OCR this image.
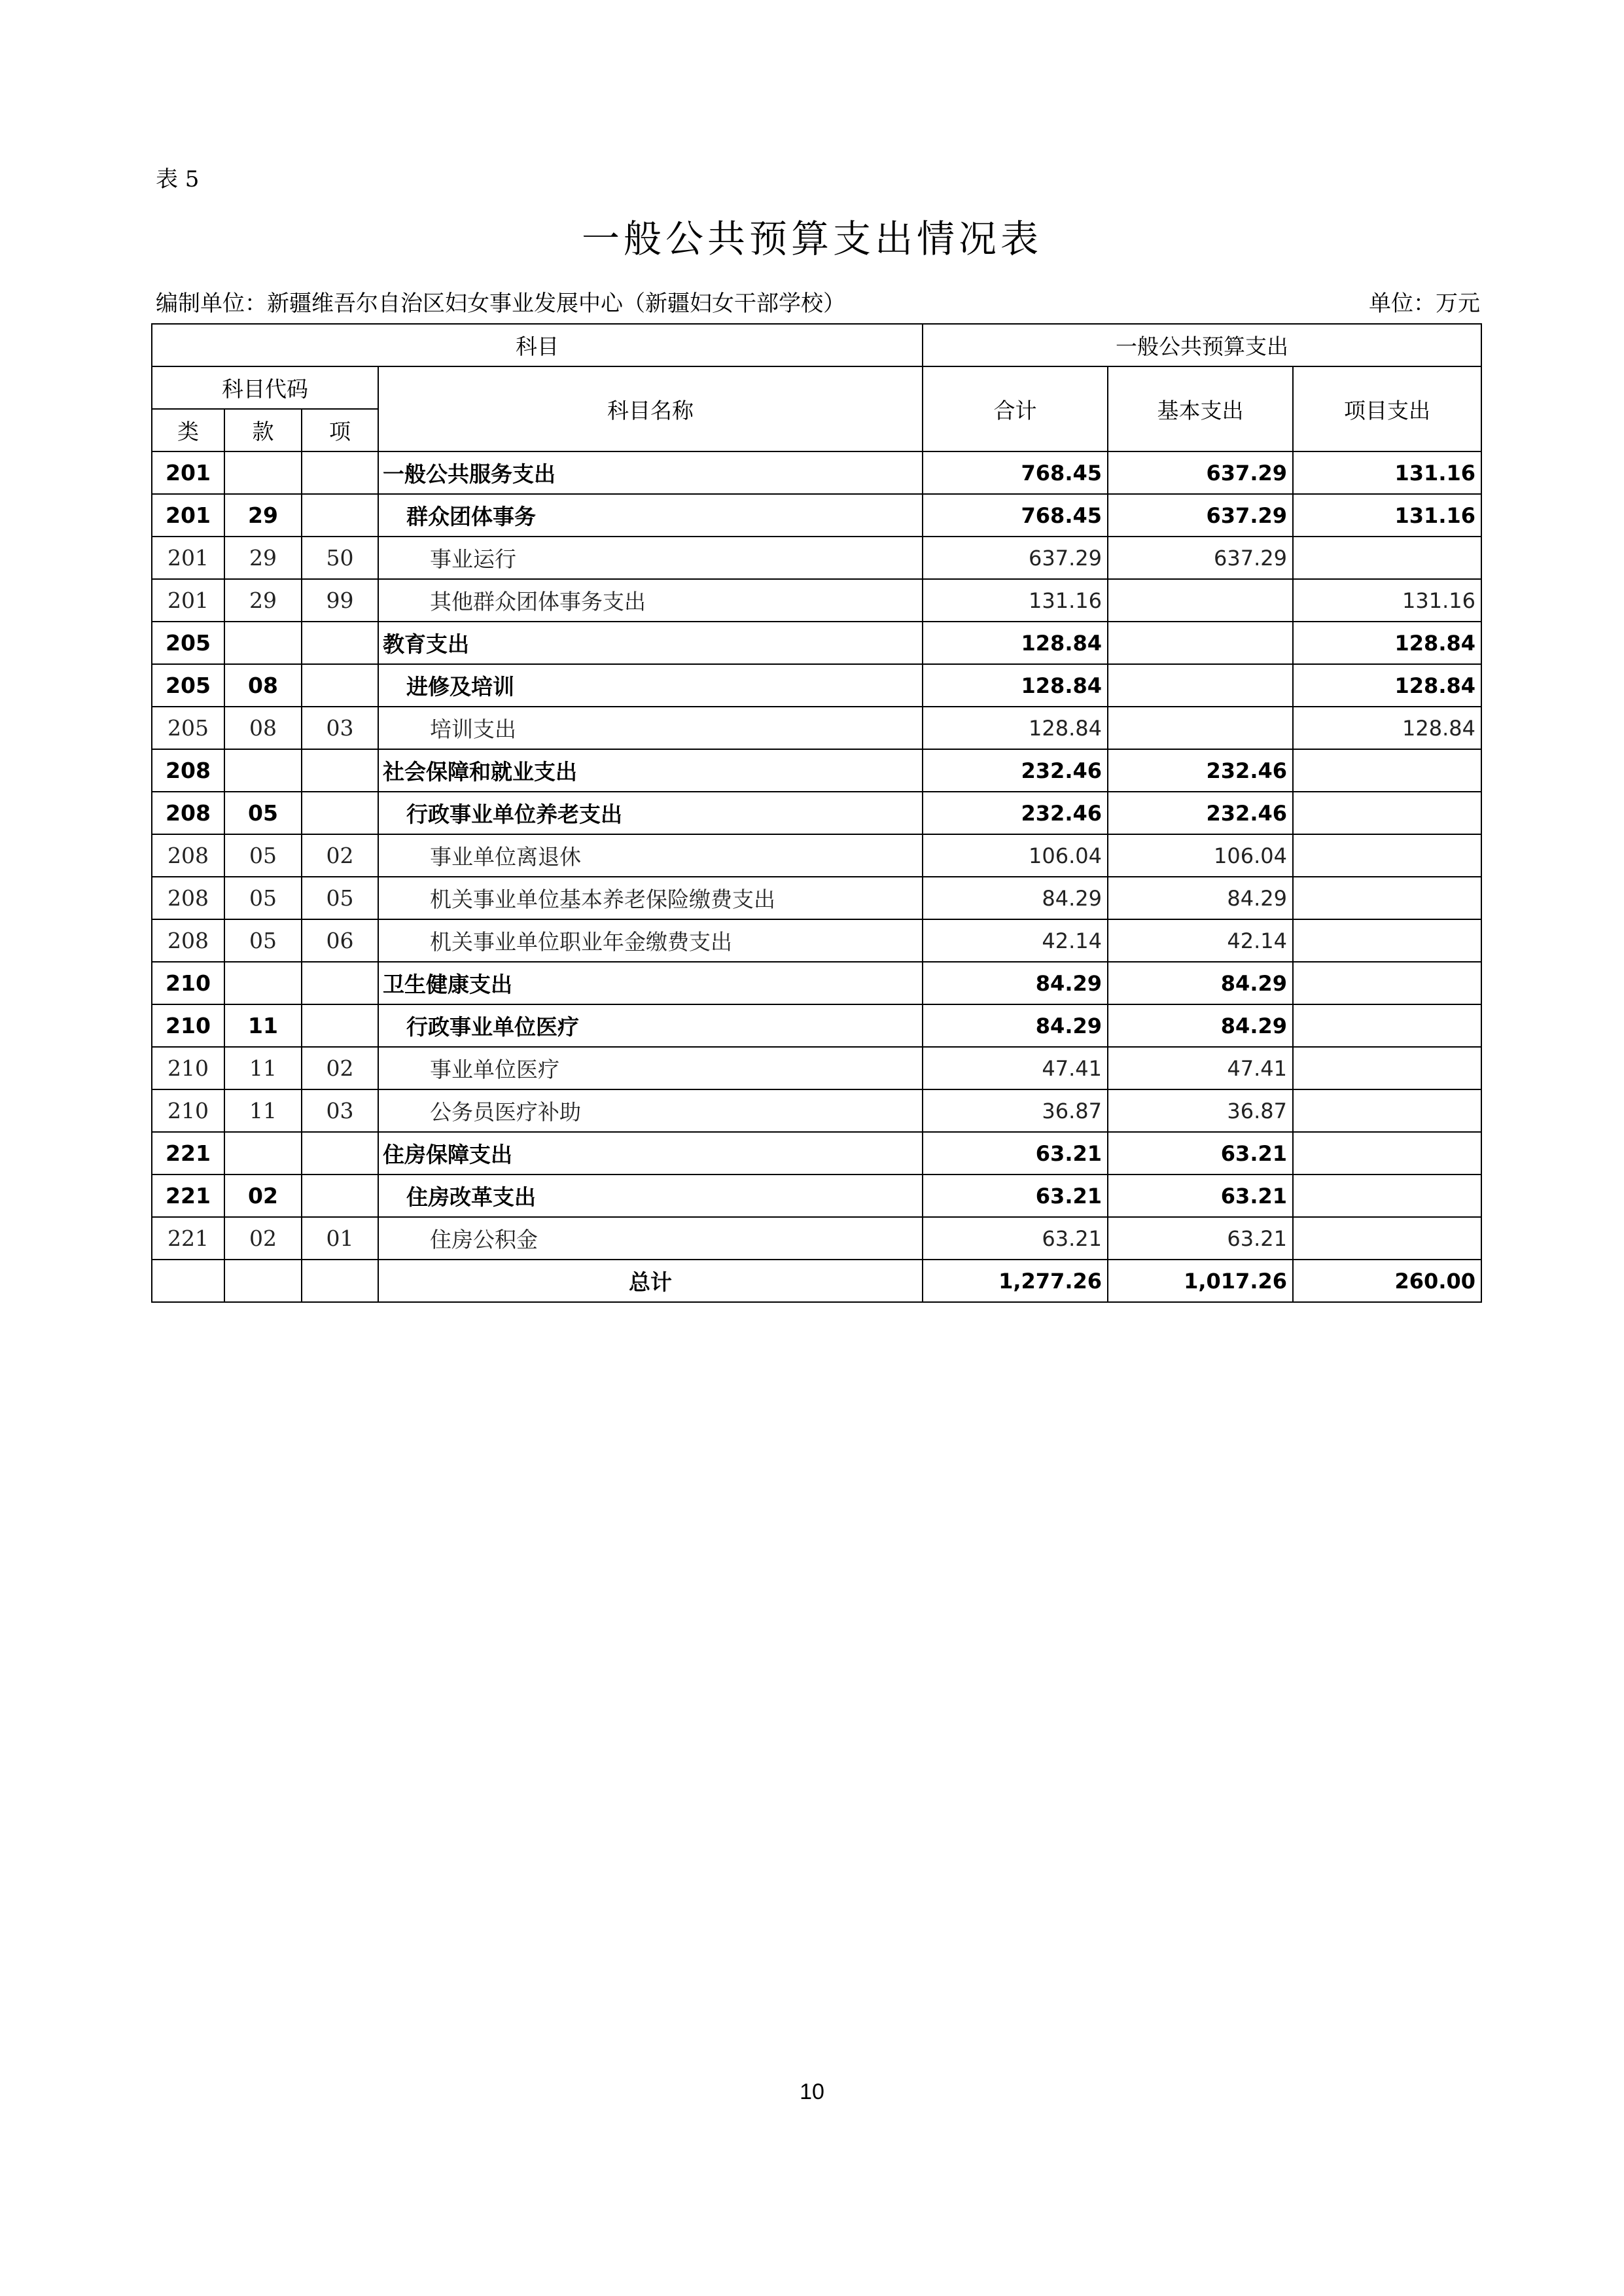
表 5
一般公共预算支出情况表
编制单位：新疆维吾尔自治区妇女事业发展中心（新疆妇女干部学校）	单位：万元
科目				一般公共预算支出		
科目代码			科目名称	合计	基本支出	项目支出
类	款	项				
201			一般公共服务支出	768.45	637.29	131.16
201	29		群众团体事务	768.45	637.29	131.16
201	29	50	事业运行	637.29	637.29	
201	29	99	其他群众团体事务支出	131.16		131.16
205			教育支出	128.84		128.84
205	08		进修及培训	128.84		128.84
205	08	03	培训支出	128.84		128.84
208			社会保障和就业支出	232.46	232.46	
208	05		行政事业单位养老支出	232.46	232.46	
208	05	02	事业单位离退休	106.04	106.04	
208	05	05	机关事业单位基本养老保险缴费支出	84.29	84.29	
208	05	06	机关事业单位职业年金缴费支出	42.14	42.14	
210			卫生健康支出	84.29	84.29	
210	11		行政事业单位医疗	84.29	84.29	
210	11	02	事业单位医疗	47.41	47.41	
210	11	03	公务员医疗补助	36.87	36.87	
221			住房保障支出	63.21	63.21	
221	02		住房改革支出	63.21	63.21	
221	02	01	住房公积金	63.21	63.21	
			总计	1,277.26	1,017.26	260.00
10
